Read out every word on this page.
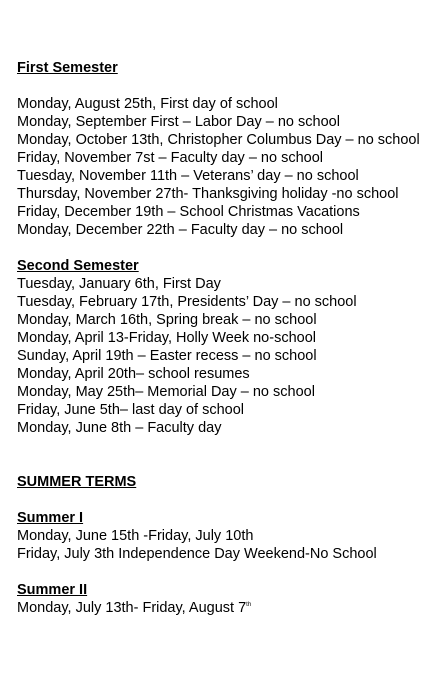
First Semester
Monday, August 25th, First day of school
Monday, September First – Labor Day – no school
Monday, October 13th, Christopher Columbus Day – no school
Friday, November 7st – Faculty day – no school
Tuesday, November 11th – Veterans’ day – no school
Thursday, November 27th- Thanksgiving holiday -no school
Friday, December 19th – School Christmas Vacations
Monday, December 22th – Faculty day – no school
Second Semester
Tuesday, January 6th, First Day
Tuesday, February 17th, Presidents’ Day – no school
Monday, March 16th, Spring break – no school
Monday, April 13-Friday, Holly Week no-school
Sunday, April 19th – Easter recess – no school
Monday, April 20th– school resumes
Monday, May 25th– Memorial Day – no school
Friday, June 5th– last day of school
Monday, June 8th – Faculty day
SUMMER TERMS
Summer I
Monday, June 15th -Friday, July 10th
Friday, July 3th Independence Day Weekend-No School
Summer II
Monday, July 13th- Friday, August 7th
